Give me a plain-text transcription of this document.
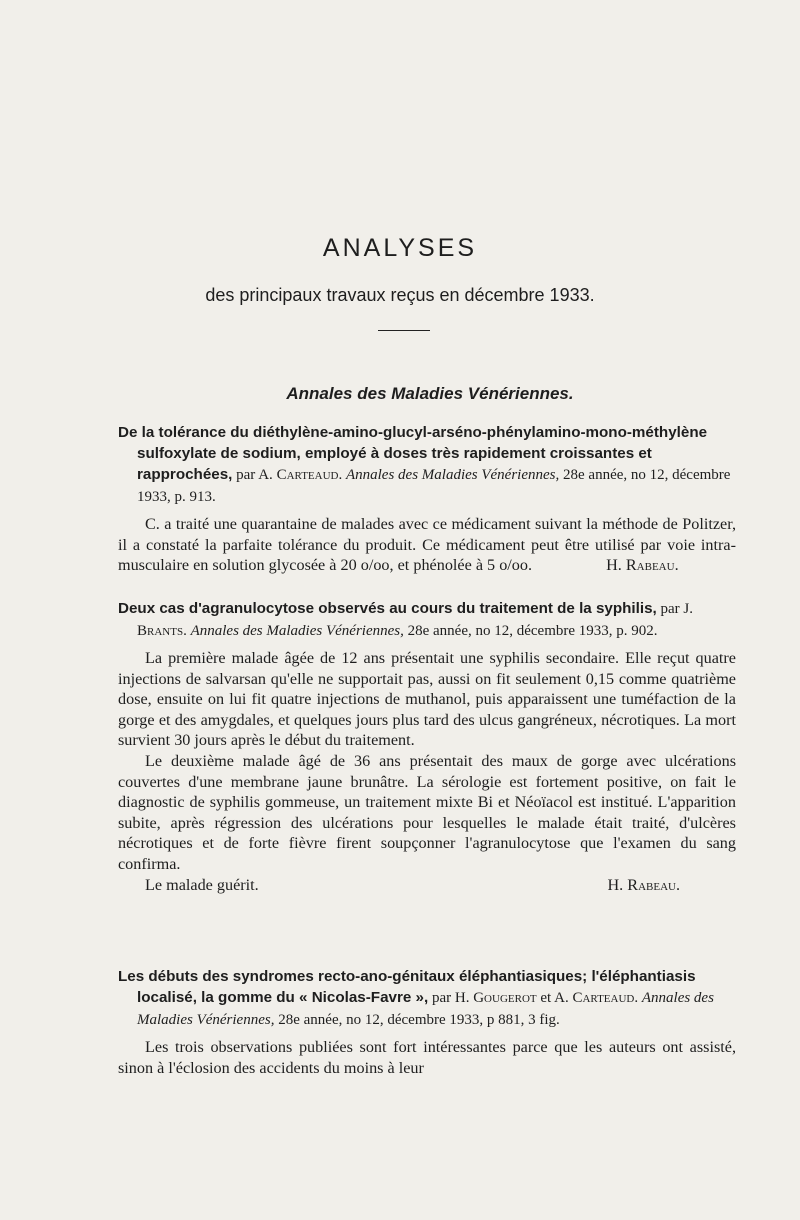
ANALYSES

des principaux travaux reçus en décembre 1933.

Annales des Maladies Vénériennes.

De la tolérance du diéthylène-amino-glucyl-arséno-phénylamino-mono-méthylène sulfoxylate de sodium, employé à doses très rapidement croissantes et rapprochées, par A. Carteaud. Annales des Maladies Vénériennes, 28e année, no 12, décembre 1933, p. 913.

C. a traité une quarantaine de malades avec ce médicament suivant la méthode de Politzer, il a constaté la parfaite tolérance du produit. Ce médicament peut être utilisé par voie intra-musculaire en solution glycosée à 20 o/oo, et phénolée à 5 o/oo.	H. Rabeau.

Deux cas d'agranulocytose observés au cours du traitement de la syphilis, par J. Brants. Annales des Maladies Vénériennes, 28e année, no 12, décembre 1933, p. 902.

La première malade âgée de 12 ans présentait une syphilis secondaire. Elle reçut quatre injections de salvarsan qu'elle ne supportait pas, aussi on fit seulement 0,15 comme quatrième dose, ensuite on lui fit quatre injections de muthanol, puis apparaissent une tuméfaction de la gorge et des amygdales, et quelques jours plus tard des ulcus gangréneux, nécrotiques. La mort survient 30 jours après le début du traitement.

Le deuxième malade âgé de 36 ans présentait des maux de gorge avec ulcérations couvertes d'une membrane jaune brunâtre. La sérologie est fortement positive, on fait le diagnostic de syphilis gommeuse, un traitement mixte Bi et Néoïacol est institué. L'apparition subite, après régression des ulcérations pour lesquelles le malade était traité, d'ulcères nécrotiques et de forte fièvre firent soupçonner l'agranulocytose que l'examen du sang confirma.

Le malade guérit.	H. Rabeau.

Les débuts des syndromes recto-ano-génitaux éléphantiasiques; l'éléphantiasis localisé, la gomme du « Nicolas-Favre », par H. Gougerot et A. Carteaud. Annales des Maladies Vénériennes, 28e année, no 12, décembre 1933, p 881, 3 fig.

Les trois observations publiées sont fort intéressantes parce que les auteurs ont assisté, sinon à l'éclosion des accidents du moins à leur
